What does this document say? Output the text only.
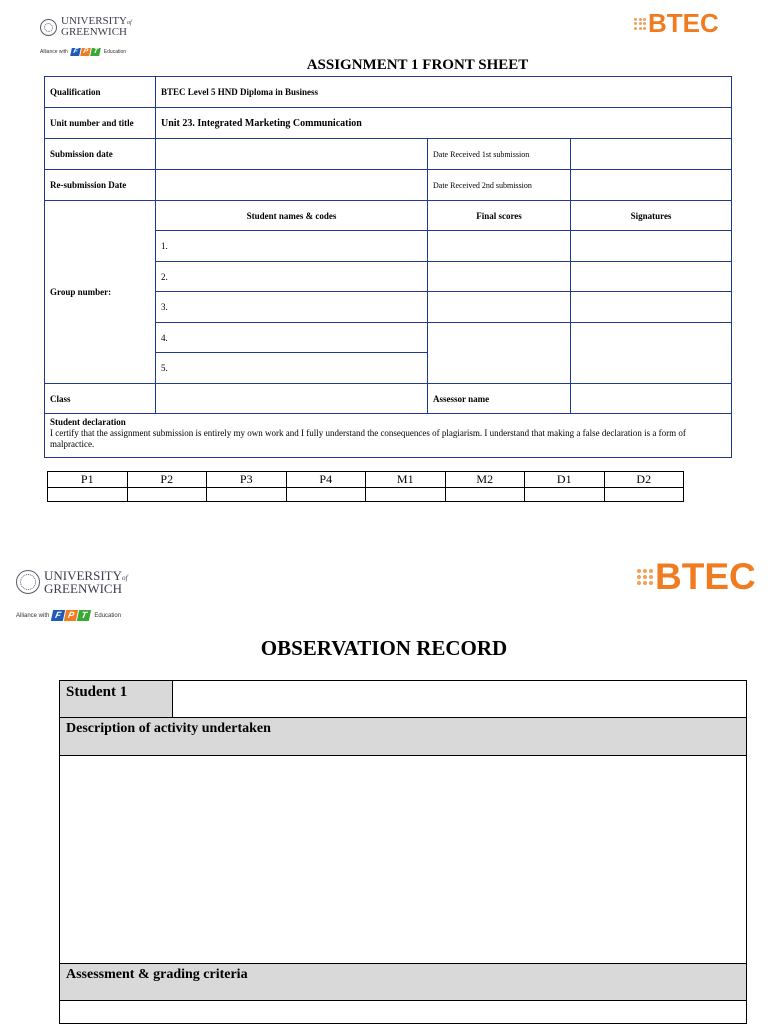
UNIVERSITYof
GREENWICH
Alliance with F P T	Education
BTEC
ASSIGNMENT 1 FRONT SHEET
Qualification	BTEC Level 5 HND Diploma in Business		
Unit number and title	Unit 23. Integrated Marketing Communication		
Submission date		Date Received 1st submission	
Re-submission Date		Date Received 2nd submission	
Group number:	Student names & codes	Final scores	Signatures
	1.		
	2.		
	3.		
	4.		
	5.		
Class		Assessor name	

Student declaration
I certify that the assignment submission is entirely my own work and I fully understand the consequences of plagiarism. I understand that making a false declaration is a form of malpractice.			
P1	P2	P3	P4	M1	M2	D1	D2

UNIVERSITYof
GREENWICH
Alliance with F P T	Education
BTEC
OBSERVATION RECORD
Student 1
Description of activity undertaken
Assessment & grading criteria
